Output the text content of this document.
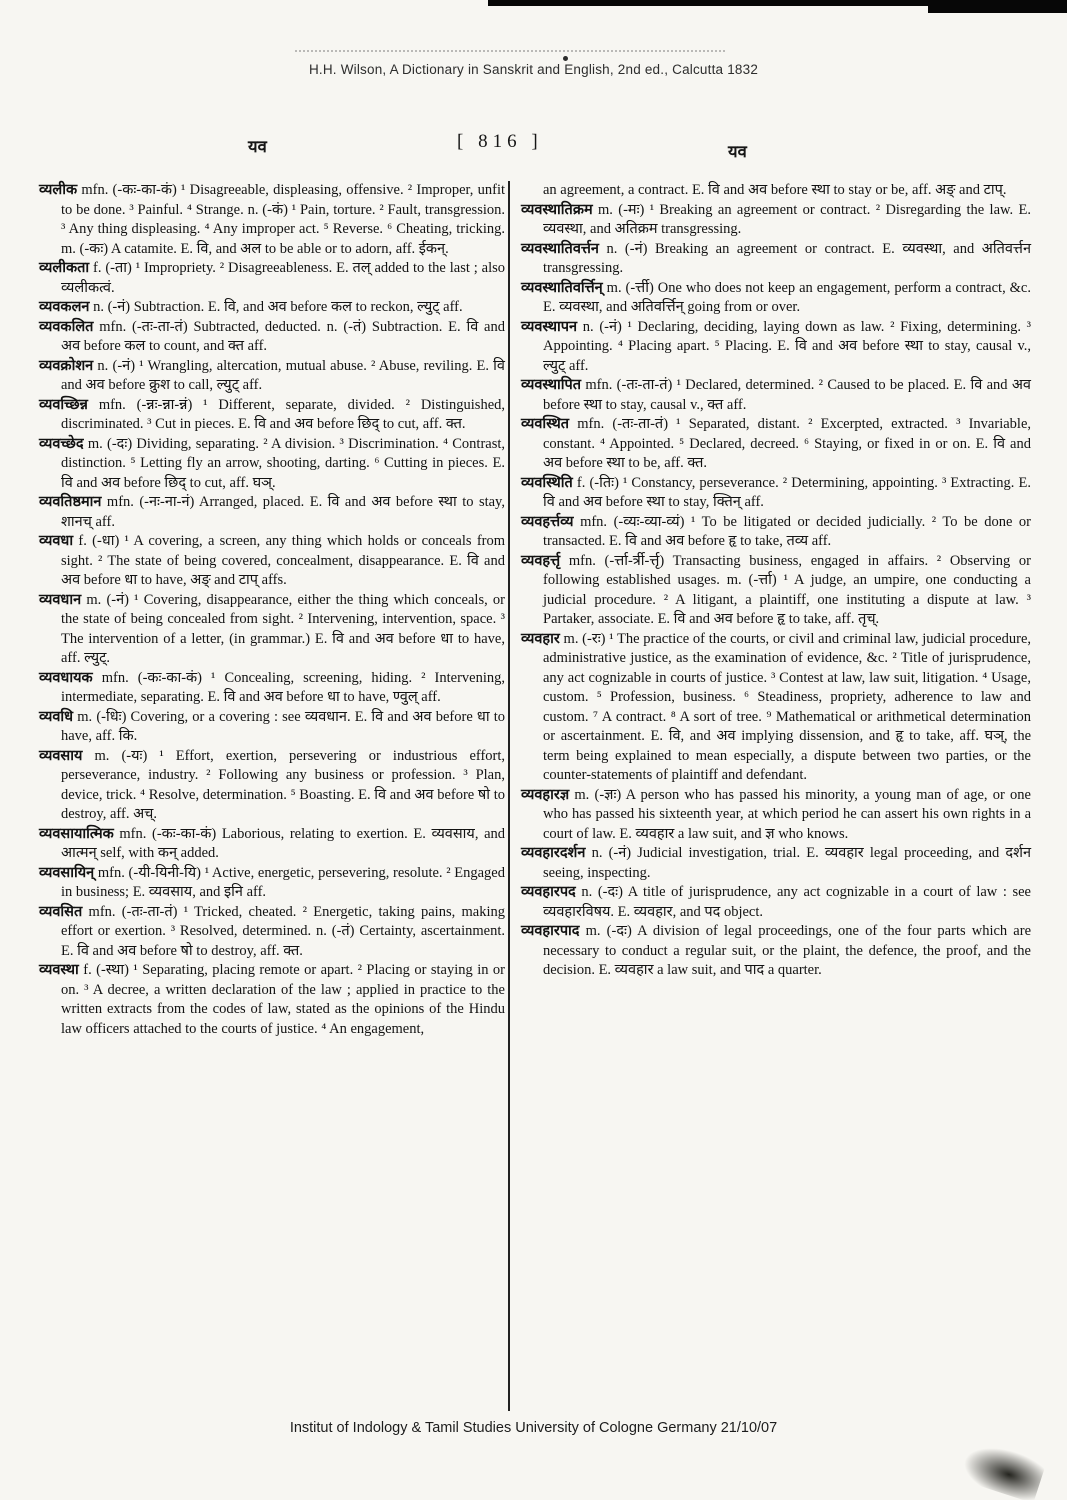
H.H. Wilson, A Dictionary in Sanskrit and English, 2nd ed., Calcutta 1832
यव	[ 816 ]	यव

व्यलीक mfn. (-कः-का-कं) ¹ Disagreeable, displeasing, offensive. ² Improper, unfit to be done. ³ Painful. ⁴ Strange. n. (-कं) ¹ Pain, torture. ² Fault, transgression. ³ Any thing displeasing. ⁴ Any improper act. ⁵ Reverse. ⁶ Cheating, tricking. m. (-कः) A catamite. E. वि, and अल to be able or to adorn, aff. ईकन्.

व्यलीकता f. (-ता) ¹ Impropriety. ² Disagreeableness. E. तल् added to the last ; also व्यलीकत्वं.

व्यवकलन n. (-नं) Subtraction. E. वि, and अव before कल to reckon, ल्युट् aff.

व्यवकलित mfn. (-तः-ता-तं) Subtracted, deducted. n. (-तं) Subtraction. E. वि and अव before कल to count, and क्त aff.

व्यवक्रोशन n. (-नं) ¹ Wrangling, altercation, mutual abuse. ² Abuse, reviling. E. वि and अव before क्रुश to call, ल्युट् aff.

व्यवच्छिन्न mfn. (-न्नः-न्ना-न्नं) ¹ Different, separate, divided. ² Distinguished, discriminated. ³ Cut in pieces. E. वि and अव before छिद् to cut, aff. क्त.

व्यवच्छेद m. (-दः) Dividing, separating. ² A division. ³ Discrimination. ⁴ Contrast, distinction. ⁵ Letting fly an arrow, shooting, darting. ⁶ Cutting in pieces. E. वि and अव before छिद् to cut, aff. घञ्.

व्यवतिष्ठमान mfn. (-नः-ना-नं) Arranged, placed. E. वि and अव before स्था to stay, शानच् aff.

व्यवधा f. (-धा) ¹ A covering, a screen, any thing which holds or conceals from sight. ² The state of being covered, concealment, disappearance. E. वि and अव before धा to have, अङ् and टाप् affs.

व्यवधान m. (-नं) ¹ Covering, disappearance, either the thing which conceals, or the state of being concealed from sight. ² Intervening, intervention, space. ³ The intervention of a letter, (in grammar.) E. वि and अव before धा to have, aff. ल्युट्.

व्यवधायक mfn. (-कः-का-कं) ¹ Concealing, screening, hiding. ² Intervening, intermediate, separating. E. वि and अव before धा to have, ण्वुल् aff.

व्यवधि m. (-धिः) Covering, or a covering : see व्यवधान. E. वि and अव before धा to have, aff. कि.

व्यवसाय m. (-यः) ¹ Effort, exertion, persevering or industrious effort, perseverance, industry. ² Following any business or profession. ³ Plan, device, trick. ⁴ Resolve, determination. ⁵ Boasting. E. वि and अव before षो to destroy, aff. अच्.

व्यवसायात्मिक mfn. (-कः-का-कं) Laborious, relating to exertion. E. व्यवसाय, and आत्मन् self, with कन् added.

व्यवसायिन् mfn. (-यी-यिनी-यि) ¹ Active, energetic, persevering, resolute. ² Engaged in business; E. व्यवसाय, and इनि aff.

व्यवसित mfn. (-तः-ता-तं) ¹ Tricked, cheated. ² Energetic, taking pains, making effort or exertion. ³ Resolved, determined. n. (-तं) Certainty, ascertainment. E. वि and अव before षो to destroy, aff. क्त.

व्यवस्था f. (-स्था) ¹ Separating, placing remote or apart. ² Placing or staying in or on. ³ A decree, a written declaration of the law ; applied in practice to the written extracts from the codes of law, stated as the opinions of the Hindu law officers attached to the courts of justice. ⁴ An engagement,

an agreement, a contract. E. वि and अव before स्था to stay or be, aff. अङ् and टाप्.

व्यवस्थातिक्रम m. (-मः) ¹ Breaking an agreement or contract. ² Disregarding the law. E. व्यवस्था, and अतिक्रम transgressing.

व्यवस्थातिवर्त्तन n. (-नं) Breaking an agreement or contract. E. व्यवस्था, and अतिवर्त्तन transgressing.

व्यवस्थातिवर्त्तिन् m. (-र्त्ती) One who does not keep an engagement, perform a contract, &c. E. व्यवस्था, and अतिवर्त्तिन् going from or over.

व्यवस्थापन n. (-नं) ¹ Declaring, deciding, laying down as law. ² Fixing, determining. ³ Appointing. ⁴ Placing apart. ⁵ Placing. E. वि and अव before स्था to stay, causal v., ल्युट् aff.

व्यवस्थापित mfn. (-तः-ता-तं) ¹ Declared, determined. ² Caused to be placed. E. वि and अव before स्था to stay, causal v., क्त aff.

व्यवस्थित mfn. (-तः-ता-तं) ¹ Separated, distant. ² Excerpted, extracted. ³ Invariable, constant. ⁴ Appointed. ⁵ Declared, decreed. ⁶ Staying, or fixed in or on. E. वि and अव before स्था to be, aff. क्त.

व्यवस्थिति f. (-तिः) ¹ Constancy, perseverance. ² Determining, appointing. ³ Extracting. E. वि and अव before स्था to stay, क्तिन् aff.

व्यवहर्त्तव्य mfn. (-व्यः-व्या-व्यं) ¹ To be litigated or decided judicially. ² To be done or transacted. E. वि and अव before हृ to take, तव्य aff.

व्यवहर्त्तृ mfn. (-र्त्ता-र्त्री-र्त्तृ) Transacting business, engaged in affairs. ² Observing or following established usages. m. (-र्त्ता) ¹ A judge, an umpire, one conducting a judicial procedure. ² A litigant, a plaintiff, one instituting a dispute at law. ³ Partaker, associate. E. वि and अव before हृ to take, aff. तृच्.

व्यवहार m. (-रः) ¹ The practice of the courts, or civil and criminal law, judicial procedure, administrative justice, as the examination of evidence, &c. ² Title of jurisprudence, any act cognizable in courts of justice. ³ Contest at law, law suit, litigation. ⁴ Usage, custom. ⁵ Profession, business. ⁶ Steadiness, propriety, adherence to law and custom. ⁷ A contract. ⁸ A sort of tree. ⁹ Mathematical or arithmetical determination or ascertainment. E. वि, and अव implying dissension, and हृ to take, aff. घञ्, the term being explained to mean especially, a dispute between two parties, or the counter-statements of plaintiff and defendant.

व्यवहारज्ञ m. (-ज्ञः) A person who has passed his minority, a young man of age, or one who has passed his sixteenth year, at which period he can assert his own rights in a court of law. E. व्यवहार a law suit, and ज्ञ who knows.

व्यवहारदर्शन n. (-नं) Judicial investigation, trial. E. व्यवहार legal proceeding, and दर्शन seeing, inspecting.

व्यवहारपद n. (-दः) A title of jurisprudence, any act cognizable in a court of law : see व्यवहारविषय. E. व्यवहार, and पद object.

व्यवहारपाद m. (-दः) A division of legal proceedings, one of the four parts which are necessary to conduct a regular suit, or the plaint, the defence, the proof, and the decision. E. व्यवहार a law suit, and पाद a quarter.

Institut of Indology & Tamil Studies University of Cologne Germany 21/10/07
